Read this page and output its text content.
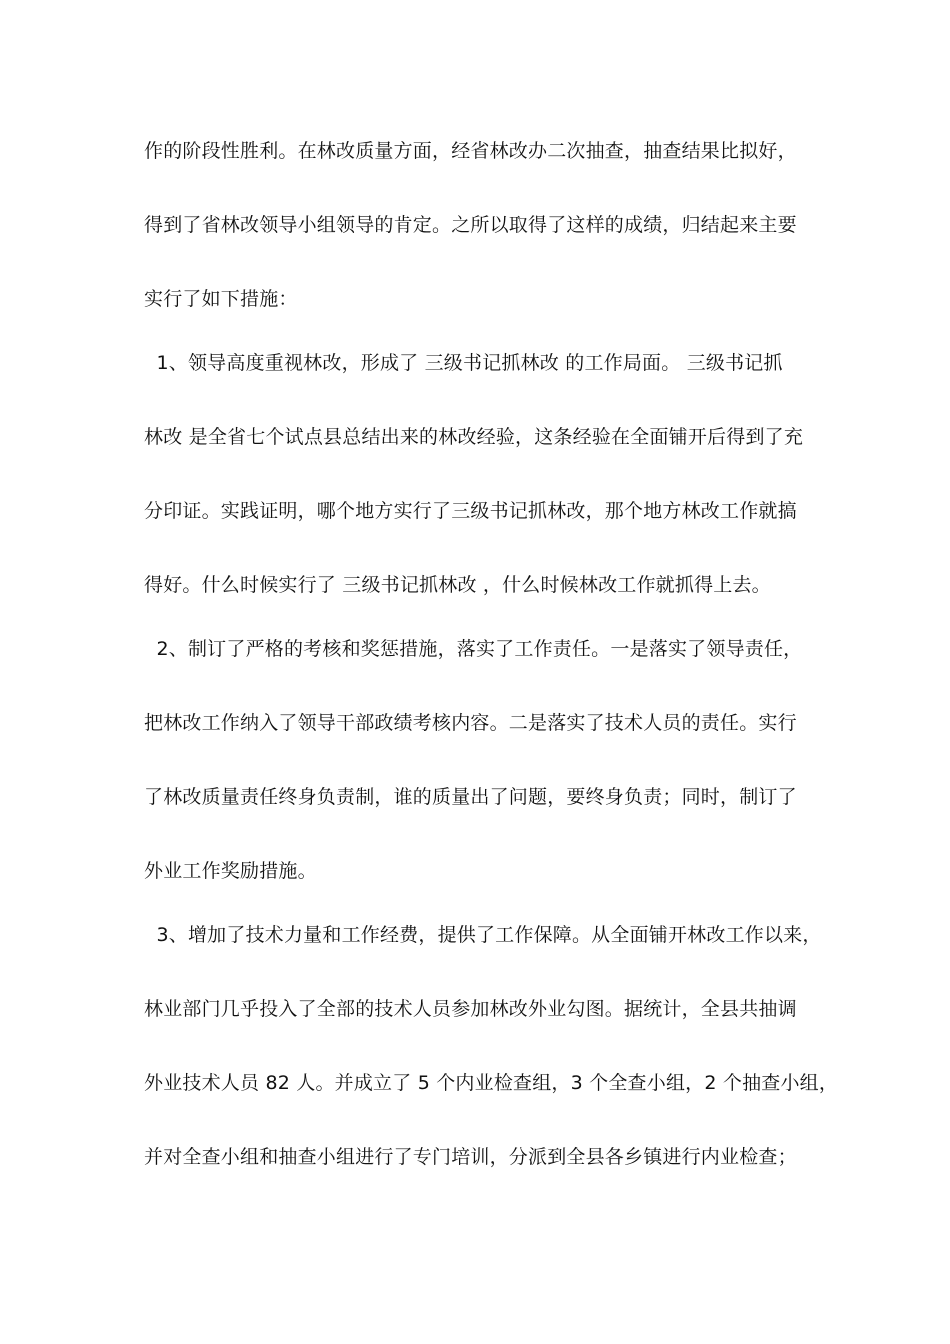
作的阶段性胜利。在林改质量方面，经省林改办二次抽查，抽查结果比拟好，
得到了省林改领导小组领导的肯定。之所以取得了这样的成绩，归结起来主要
实行了如下措施：
1、领导高度重视林改，形成了 三级书记抓林改 的工作局面。 三级书记抓
林改 是全省七个试点县总结出来的林改经验，这条经验在全面铺开后得到了充
分印证。实践证明，哪个地方实行了三级书记抓林改，那个地方林改工作就搞
得好。什么时候实行了 三级书记抓林改 ，什么时候林改工作就抓得上去。
2、制订了严格的考核和奖惩措施，落实了工作责任。一是落实了领导责任，
把林改工作纳入了领导干部政绩考核内容。二是落实了技术人员的责任。实行
了林改质量责任终身负责制，谁的质量出了问题，要终身负责；同时，制订了
外业工作奖励措施。
3、增加了技术力量和工作经费，提供了工作保障。从全面铺开林改工作以来，
林业部门几乎投入了全部的技术人员参加林改外业勾图。据统计，全县共抽调
外业技术人员 82 人。并成立了 5 个内业检查组，3 个全查小组，2 个抽查小组，
并对全查小组和抽查小组进行了专门培训，分派到全县各乡镇进行内业检查；
